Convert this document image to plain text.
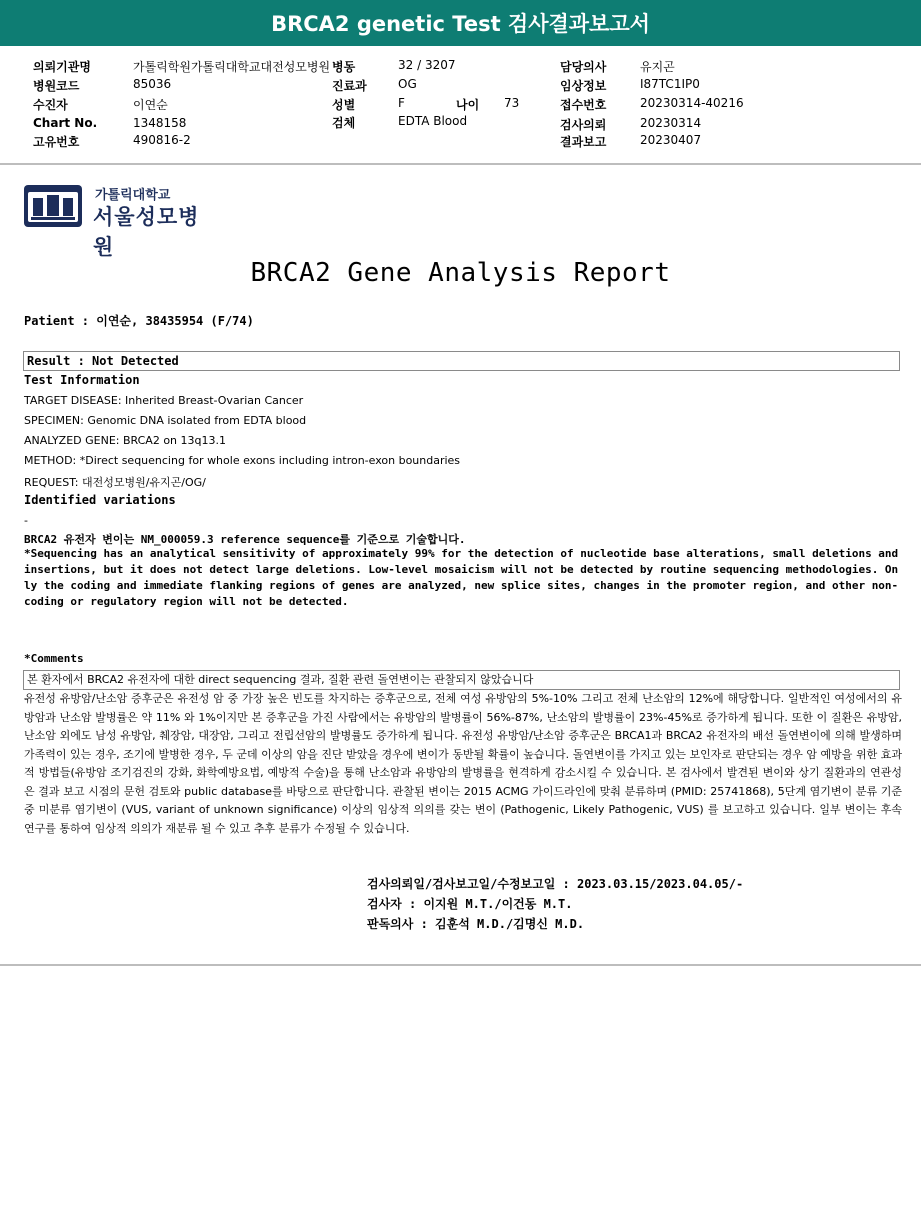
BRCA2 genetic Test 검사결과보고서
의뢰기관명	가톨릭학원가톨릭대학교대전성모병원 병동	32 / 3207	담당의사	유지곤
병원코드	85036	진료과	OG	임상정보	I87TC1IP0
수진자	이연순	성별	F	나이 73	접수번호	20230314-40216
Chart No.	1348158	검체	EDTA Blood	검사의뢰	20230314
고유번호	490816-2	결과보고	20230407
가톨릭대학교
서울성모병원
BRCA2 Gene Analysis Report
Patient : 이연순, 38435954 (F/74)
Result : Not Detected
Test Information
TARGET DISEASE: Inherited Breast-Ovarian Cancer
SPECIMEN: Genomic DNA isolated from EDTA blood
ANALYZED GENE: BRCA2 on 13q13.1
METHOD: *Direct sequencing for whole exons including intron-exon boundaries
REQUEST: 대전성모병원/유지곤/OG/
Identified variations
-
BRCA2 유전자 변이는 NM_000059.3 reference sequence를 기준으로 기술합니다.
*Sequencing has an analytical sensitivity of approximately 99% for the detection of nucleotide base alterations, small deletions and insertions, but it does not detect large deletions. Low-level mosaicism will not be detected by routine sequencing methodologies. Only the coding and immediate flanking regions of genes are analyzed, new splice sites, changes in the promoter region, and other non-coding or regulatory region will not be detected.
*Comments
본 환자에서 BRCA2 유전자에 대한 direct sequencing 결과, 질환 관련 돌연변이는 관찰되지 않았습니다
유전성 유방암/난소암 증후군은 유전성 암 중 가장 높은 빈도를 차지하는 증후군으로, 전체 여성 유방암의 5%-10% 그리고 전체 난소암의 12%에 해당합니다. 일반적인 여성에서의 유방암과 난소암 발병률은 약 11% 와 1%이지만 본 증후군을 가진 사람에서는 유방암의 발병률이 56%-87%, 난소암의 발병률이 23%-45%로 증가하게 됩니다. 또한 이 질환은 유방암, 난소암 외에도 남성 유방암, 췌장암, 대장암, 그리고 전립선암의 발병률도 증가하게 됩니다. 유전성 유방암/난소암 증후군은 BRCA1과 BRCA2 유전자의 배선 돌연변이에 의해 발생하며 가족력이 있는 경우, 조기에 발병한 경우, 두 군데 이상의 암을 진단 받았을 경우에 변이가 동반될 확률이 높습니다. 돌연변이를 가지고 있는 보인자로 판단되는 경우 암 예방을 위한 효과적 방법들(유방암 조기검진의 강화, 화학예방요법, 예방적 수술)을 통해 난소암과 유방암의 발병률을 현격하게 감소시킬 수 있습니다. 본 검사에서 발견된 변이와 상기 질환과의 연관성은 결과 보고 시점의 문헌 검토와 public database를 바탕으로 판단합니다. 관찰된 변이는 2015 ACMG 가이드라인에 맞춰 분류하며 (PMID: 25741868), 5단계 염기변이 분류 기준 중 미분류 염기변이 (VUS, variant of unknown significance) 이상의 임상적 의의를 갖는 변이 (Pathogenic, Likely Pathogenic, VUS) 를 보고하고 있습니다. 일부 변이는 후속 연구를 통하여 임상적 의의가 재분류 될 수 있고 추후 분류가 수정될 수 있습니다.
검사의뢰일/검사보고일/수정보고일 : 2023.03.15/2023.04.05/-
검사자 : 이지원 M.T./이건동 M.T.
판독의사 : 김훈석 M.D./김명신 M.D.
